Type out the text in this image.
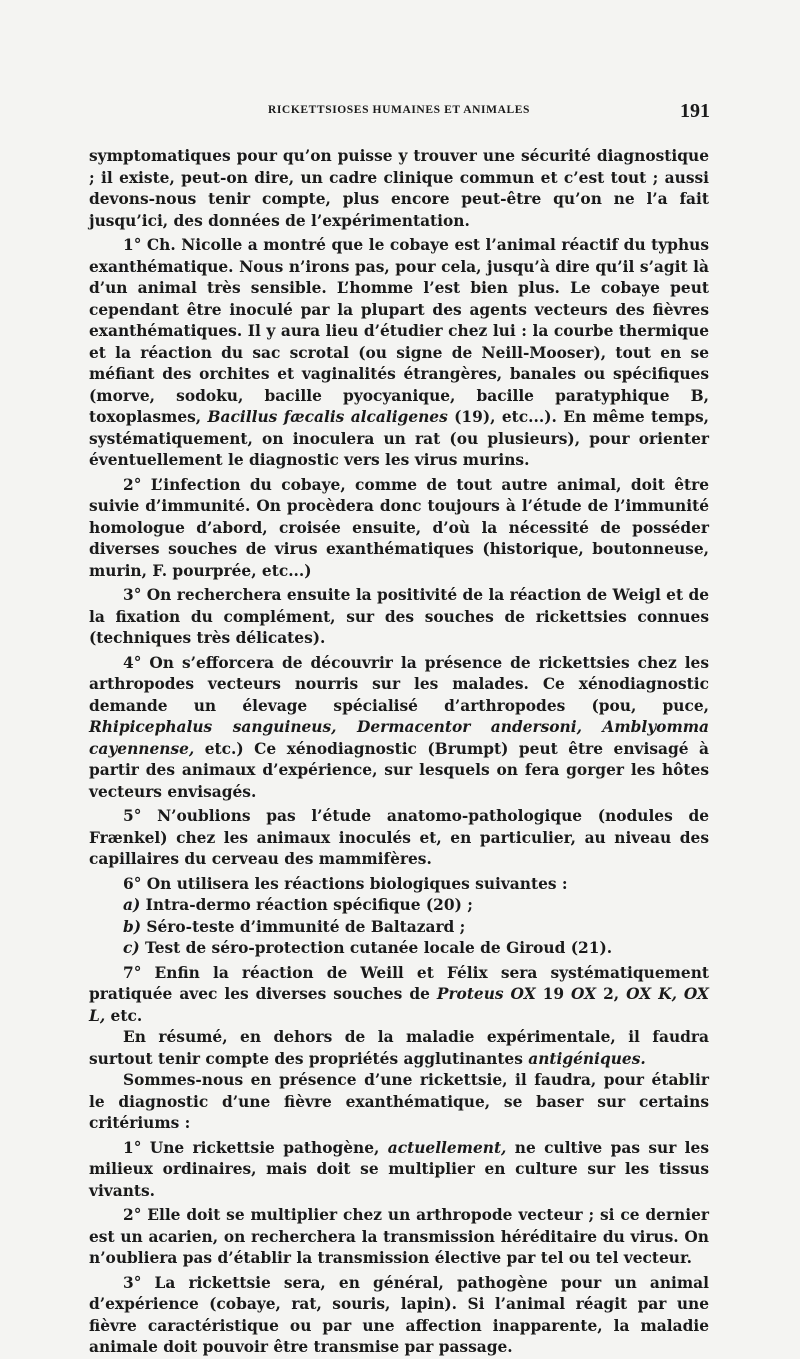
RICKETTSIOSES HUMAINES ET ANIMALES	191

symptomatiques pour qu’on puisse y trouver une sécurité diagnostique ; il existe, peut-on dire, un cadre clinique commun et c’est tout ; aussi devons-nous tenir compte, plus encore peut-être qu’on ne l’a fait jusqu’ici, des données de l’expérimentation.

1° Ch. Nicolle a montré que le cobaye est l’animal réactif du typhus exanthématique. Nous n’irons pas, pour cela, jusqu’à dire qu’il s’agit là d’un animal très sensible. L’homme l’est bien plus. Le cobaye peut cependant être inoculé par la plupart des agents vecteurs des fièvres exanthématiques. Il y aura lieu d’étudier chez lui : la courbe thermique et la réaction du sac scrotal (ou signe de Neill-Mooser), tout en se méfiant des orchites et vaginalités étrangères, banales ou spécifiques (morve, sodoku, bacille pyocyanique, bacille paratyphique B, toxoplasmes, Bacillus fæcalis alcaligenes (19), etc...). En même temps, systématiquement, on inoculera un rat (ou plusieurs), pour orienter éventuellement le diagnostic vers les virus murins.

2° L’infection du cobaye, comme de tout autre animal, doit être suivie d’immunité. On procèdera donc toujours à l’étude de l’immunité homologue d’abord, croisée ensuite, d’où la nécessité de posséder diverses souches de virus exanthématiques (historique, boutonneuse, murin, F. pourprée, etc...)

3° On recherchera ensuite la positivité de la réaction de Weigl et de la fixation du complément, sur des souches de rickettsies connues (techniques très délicates).

4° On s’efforcera de découvrir la présence de rickettsies chez les arthropodes vecteurs nourris sur les malades. Ce xénodiagnostic demande un élevage spécialisé d’arthropodes (pou, puce, Rhipicephalus sanguineus, Dermacentor andersoni, Amblyomma cayennense, etc.) Ce xénodiagnostic (Brumpt) peut être envisagé à partir des animaux d’expérience, sur lesquels on fera gorger les hôtes vecteurs envisagés.

5° N’oublions pas l’étude anatomo-pathologique (nodules de Frænkel) chez les animaux inoculés et, en particulier, au niveau des capillaires du cerveau des mammifères.

6° On utilisera les réactions biologiques suivantes :

a) Intra-dermo réaction spécifique (20) ;

b) Séro-teste d’immunité de Baltazard ;

c) Test de séro-protection cutanée locale de Giroud (21).

7° Enfin la réaction de Weill et Félix sera systématiquement pratiquée avec les diverses souches de Proteus OX 19 OX 2, OX K, OX L, etc.

En résumé, en dehors de la maladie expérimentale, il faudra surtout tenir compte des propriétés agglutinantes antigéniques.

Sommes-nous en présence d’une rickettsie, il faudra, pour établir le diagnostic d’une fièvre exanthématique, se baser sur certains critériums :

1° Une rickettsie pathogène, actuellement, ne cultive pas sur les milieux ordinaires, mais doit se multiplier en culture sur les tissus vivants.

2° Elle doit se multiplier chez un arthropode vecteur ; si ce dernier est un acarien, on recherchera la transmission héréditaire du virus. On n’oubliera pas d’établir la transmission élective par tel ou tel vecteur.

3° La rickettsie sera, en général, pathogène pour un animal d’expérience (cobaye, rat, souris, lapin). Si l’animal réagit par une fièvre caractéristique ou par une affection inapparente, la maladie animale doit pouvoir être transmise par passage.
